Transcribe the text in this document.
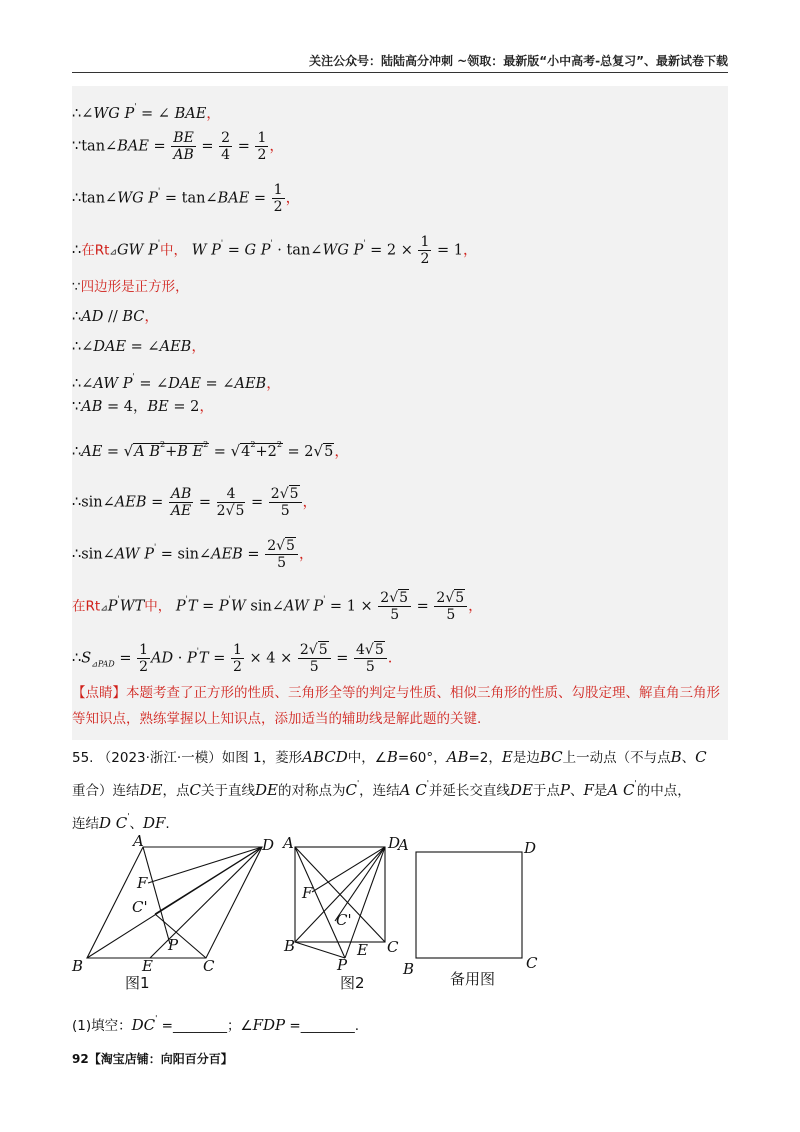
关注公众号：陆陆高分冲刺 ~领取：最新版“小中高考-总复习”、最新试卷下载
∴∠WG P' = ∠ BAE，
∵tan∠BAE = $\frac{BE}{AB} = \frac{2}{4} = \frac{1}{2}$ ，
∴tan∠WG P' = tan∠BAE = $\frac{1}{2}$ ，
∴在Rt⊿GW P'中， W P' = G P' · tan∠WG $P' = 2 \times \frac{1}{2} = 1$，
∵四边形是正方形，
∴AD // BC，
∴∠DAE = ∠AEB，
∴∠AW P' = ∠DAE = ∠AEB，
∵AB = 4，BE = 2，
∴AE = √A $B^2+B$ $E^2 = √4^2+2^2 = 2√5$，
∴sin∠AEB = $\frac{AB}{AE} = \frac{4}{2√5} = \frac{2√5}{5}$ ，
∴sin∠AW P' = sin∠AEB = $\frac{2√5}{5}$ ，
在Rt⊿P'WT中， P'T = P'W sin∠AW $P' = 1 \times \frac{2√5}{5} = \frac{2√5}{5}$ ，
$\therefore S_{⊿PAD} = \frac{1}{2}$ AD · $P'T = \frac{1}{2} \times 4 \times \frac{2√5}{5} = \frac{4√5}{5}$ .
【点睛】本题考查了正方形的性质、三角形全等的判定与性质、相似三角形的性质、勾股定理、解直角三角形等知识点，熟练掌握以上知识点，添加适当的辅助线是解此题的关键.
55. （2023·浙江·一模）如图 1，菱形ABCD中，∠B=60°，AB=2，E是边BC上一动点（不与点B、C
重合）连结DE，点C关于直线DE的对称点为C'，连结A C'并延长交直线DE于点P、F是A C'的中点，
连结D C'、DF.
A	D
F
C'
P
B	E	C
图1
A	D
A
F
C'
B	E C
P
图2
D
B	C
备用图
(1)填空：DC' =________；∠FDP =________.
92【淘宝店铺：向阳百分百】
